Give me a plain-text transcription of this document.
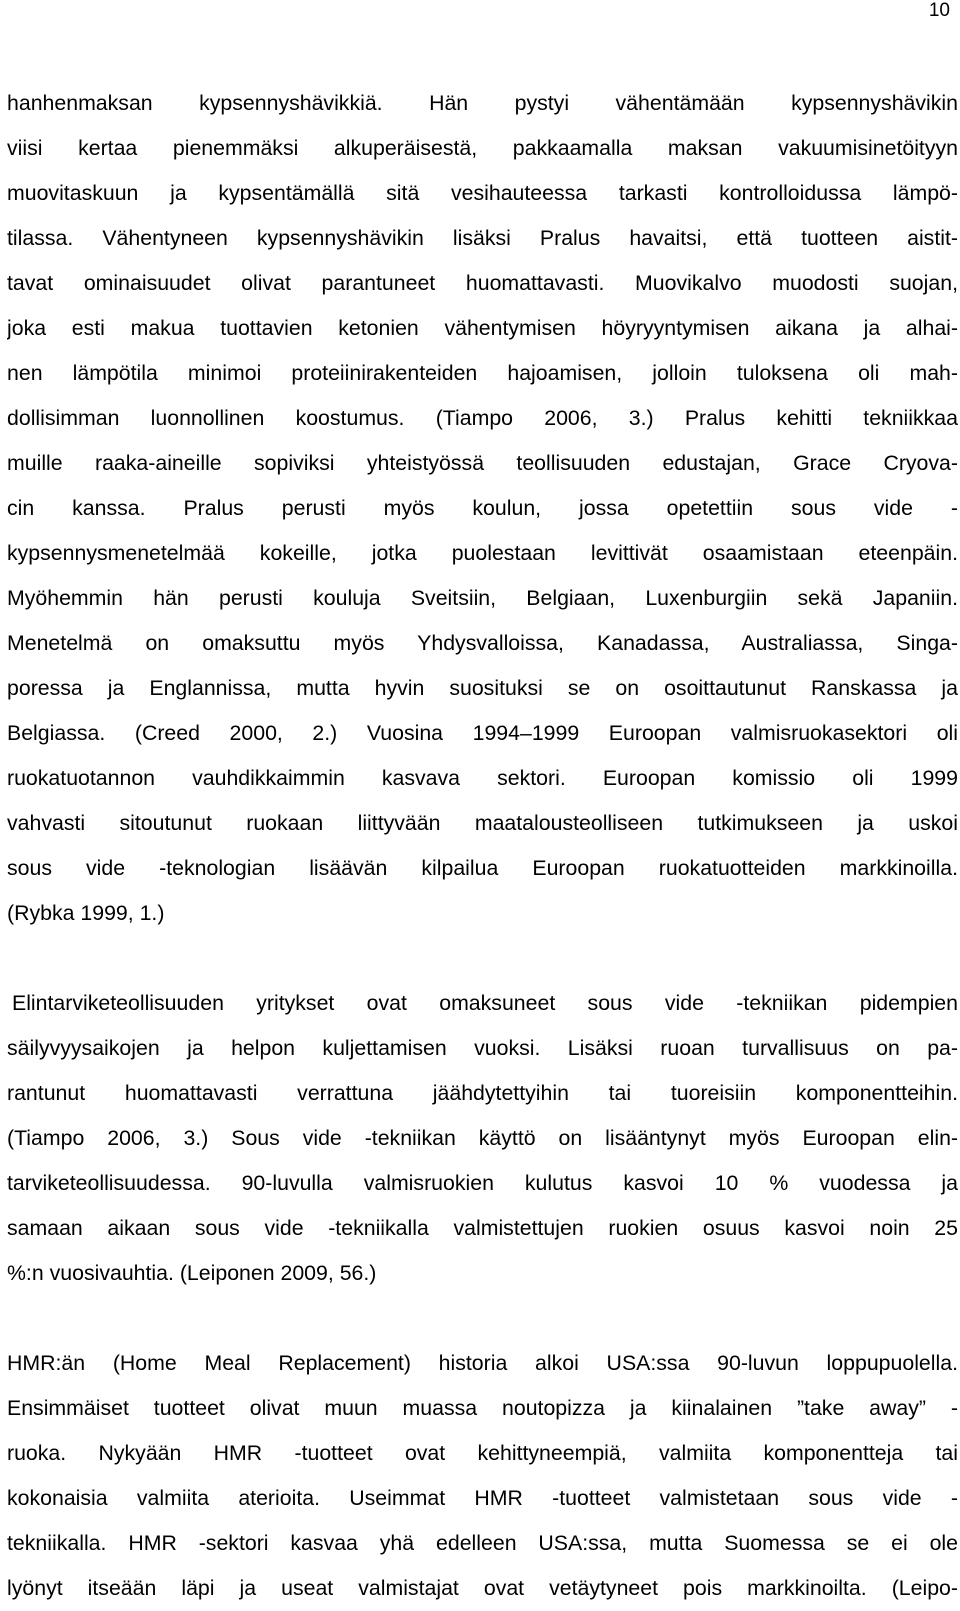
10
hanhenmaksan kypsennyshävikkiä. Hän pystyi vähentämään kypsennyshävikin
viisi kertaa pienemmäksi alkuperäisestä, pakkaamalla maksan vakuumisinetöityyn
muovitaskuun ja kypsentämällä sitä vesihauteessa tarkasti kontrolloidussa lämpö-
tilassa. Vähentyneen kypsennyshävikin lisäksi Pralus havaitsi, että tuotteen aistit-
tavat ominaisuudet olivat parantuneet huomattavasti. Muovikalvo muodosti suojan,
joka esti makua tuottavien ketonien vähentymisen höyryyntymisen aikana ja alhai-
nen lämpötila minimoi proteiinirakenteiden hajoamisen, jolloin tuloksena oli mah-
dollisimman luonnollinen koostumus. (Tiampo 2006, 3.) Pralus kehitti tekniikkaa
muille raaka-aineille sopiviksi yhteistyössä teollisuuden edustajan, Grace Cryova-
cin kanssa. Pralus perusti myös koulun, jossa opetettiin sous vide -
kypsennysmenetelmää kokeille, jotka puolestaan levittivät osaamistaan eteenpäin.
Myöhemmin hän perusti kouluja Sveitsiin, Belgiaan, Luxenburgiin sekä Japaniin.
Menetelmä on omaksuttu myös Yhdysvalloissa, Kanadassa, Australiassa, Singa-
poressa ja Englannissa, mutta hyvin suosituksi se on osoittautunut Ranskassa ja
Belgiassa. (Creed 2000, 2.) Vuosina 1994–1999 Euroopan valmisruokasektori oli
ruokatuotannon vauhdikkaimmin kasvava sektori. Euroopan komissio oli 1999
vahvasti sitoutunut ruokaan liittyvään maatalousteolliseen tutkimukseen ja uskoi
sous vide -teknologian lisäävän kilpailua Euroopan ruokatuotteiden markkinoilla.
(Rybka 1999, 1.)
Elintarviketeollisuuden yritykset ovat omaksuneet sous vide -tekniikan pidempien
säilyvyysaikojen ja helpon kuljettamisen vuoksi. Lisäksi ruoan turvallisuus on pa-
rantunut huomattavasti verrattuna jäähdytettyihin tai tuoreisiin komponentteihin.
(Tiampo 2006, 3.) Sous vide -tekniikan käyttö on lisääntynyt myös Euroopan elin-
tarviketeollisuudessa. 90-luvulla valmisruokien kulutus kasvoi 10 % vuodessa ja
samaan aikaan sous vide -tekniikalla valmistettujen ruokien osuus kasvoi noin 25
%:n vuosivauhtia. (Leiponen 2009, 56.)
HMR:än (Home Meal Replacement) historia alkoi USA:ssa 90-luvun loppupuolella.
Ensimmäiset tuotteet olivat muun muassa noutopizza ja kiinalainen ”take away” -
ruoka. Nykyään HMR -tuotteet ovat kehittyneempiä, valmiita komponentteja tai
kokonaisia valmiita aterioita. Useimmat HMR -tuotteet valmistetaan sous vide -
tekniikalla. HMR -sektori kasvaa yhä edelleen USA:ssa, mutta Suomessa se ei ole
lyönyt itseään läpi ja useat valmistajat ovat vetäytyneet pois markkinoilta. (Leipo-
